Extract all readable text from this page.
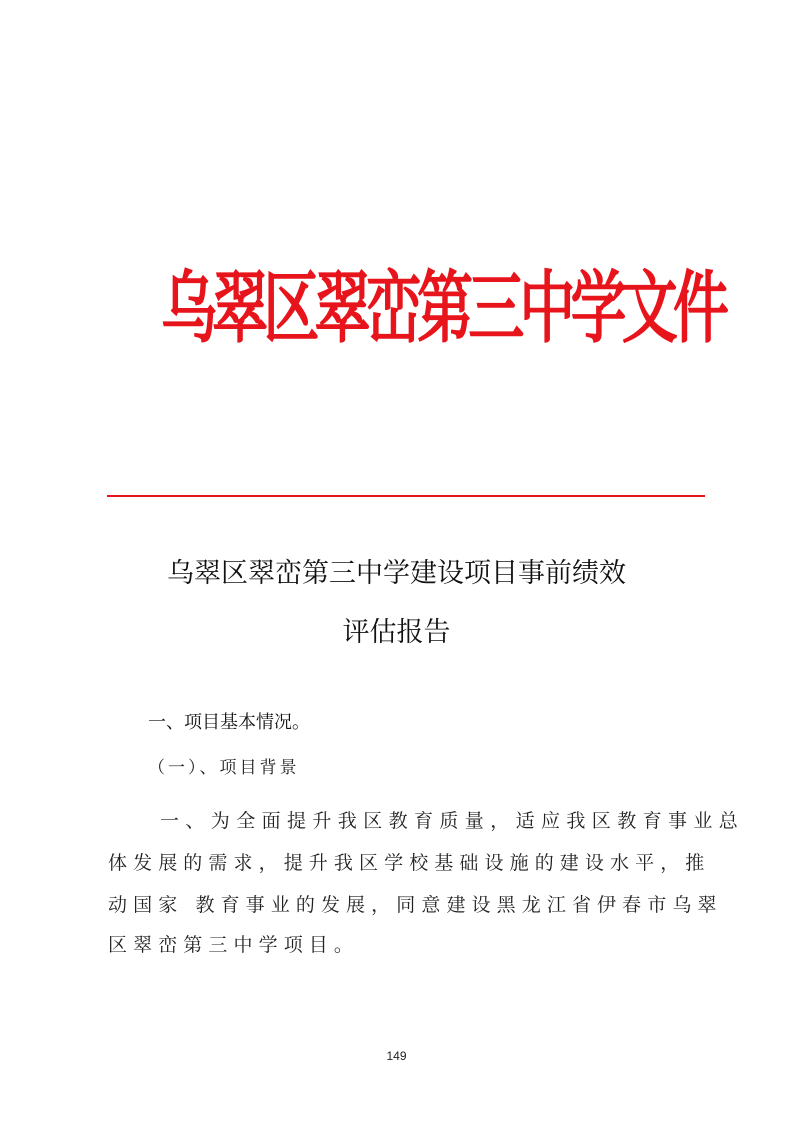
乌翠区翠峦第三中学文件
乌翠区翠峦第三中学建设项目事前绩效
评估报告
一、项目基本情况。
（一）、项目背景
一、为全面提升我区教育质量，适应我区教育事业总
体发展的需求，提升我区学校基础设施的建设水平，推
动国家 教育事业的发展，同意建设黑龙江省伊春市乌翠
区翠峦第三中学项目。
149
